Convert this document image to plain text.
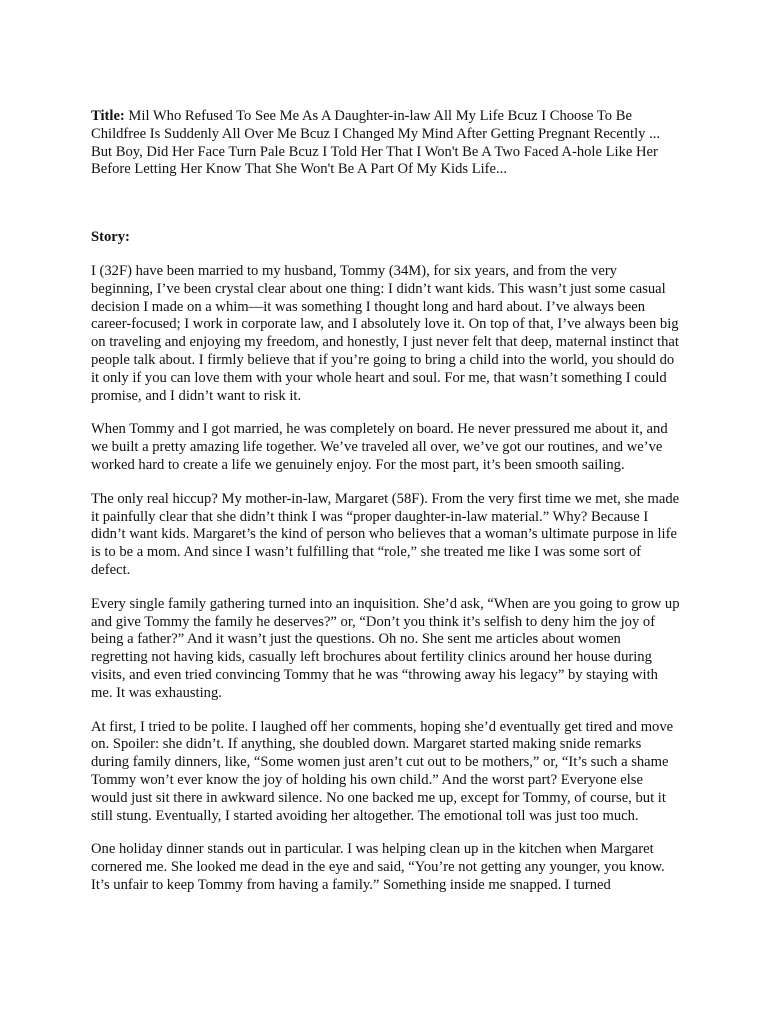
Title: Mil Who Refused To See Me As A Daughter-in-law All My Life Bcuz I Choose To Be Childfree Is Suddenly All Over Me Bcuz I Changed My Mind After Getting Pregnant Recently ... But Boy, Did Her Face Turn Pale Bcuz I Told Her That I Won't Be A Two Faced A-hole Like Her Before Letting Her Know That She Won't Be A Part Of My Kids Life...

Story:

I (32F) have been married to my husband, Tommy (34M), for six years, and from the very beginning, I’ve been crystal clear about one thing: I didn’t want kids. This wasn’t just some casual decision I made on a whim—it was something I thought long and hard about. I’ve always been career-focused; I work in corporate law, and I absolutely love it. On top of that, I’ve always been big on traveling and enjoying my freedom, and honestly, I just never felt that deep, maternal instinct that people talk about. I firmly believe that if you’re going to bring a child into the world, you should do it only if you can love them with your whole heart and soul. For me, that wasn’t something I could promise, and I didn’t want to risk it.

When Tommy and I got married, he was completely on board. He never pressured me about it, and we built a pretty amazing life together. We’ve traveled all over, we’ve got our routines, and we’ve worked hard to create a life we genuinely enjoy. For the most part, it’s been smooth sailing.

The only real hiccup? My mother-in-law, Margaret (58F). From the very first time we met, she made it painfully clear that she didn’t think I was “proper daughter-in-law material.” Why? Because I didn’t want kids. Margaret’s the kind of person who believes that a woman’s ultimate purpose in life is to be a mom. And since I wasn’t fulfilling that “role,” she treated me like I was some sort of defect.

Every single family gathering turned into an inquisition. She’d ask, “When are you going to grow up and give Tommy the family he deserves?” or, “Don’t you think it’s selfish to deny him the joy of being a father?” And it wasn’t just the questions. Oh no. She sent me articles about women regretting not having kids, casually left brochures about fertility clinics around her house during visits, and even tried convincing Tommy that he was “throwing away his legacy” by staying with me. It was exhausting.

At first, I tried to be polite. I laughed off her comments, hoping she’d eventually get tired and move on. Spoiler: she didn’t. If anything, she doubled down. Margaret started making snide remarks during family dinners, like, “Some women just aren’t cut out to be mothers,” or, “It’s such a shame Tommy won’t ever know the joy of holding his own child.” And the worst part? Everyone else would just sit there in awkward silence. No one backed me up, except for Tommy, of course, but it still stung. Eventually, I started avoiding her altogether. The emotional toll was just too much.

One holiday dinner stands out in particular. I was helping clean up in the kitchen when Margaret cornered me. She looked me dead in the eye and said, “You’re not getting any younger, you know. It’s unfair to keep Tommy from having a family.” Something inside me snapped. I turned
